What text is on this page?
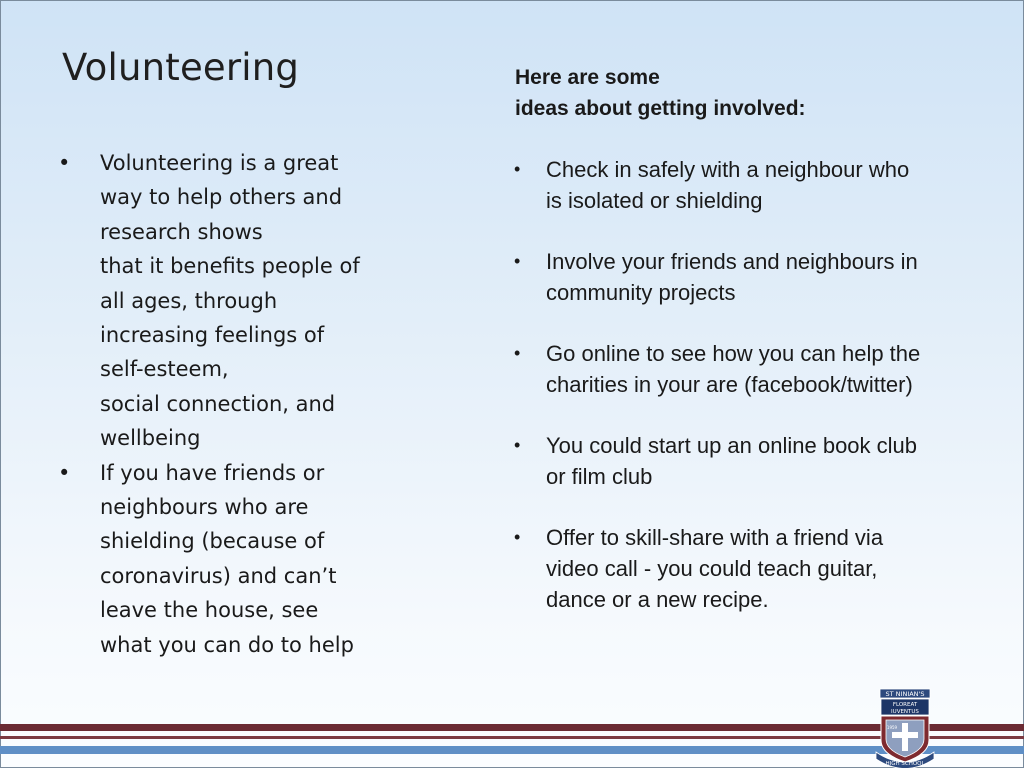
Volunteering
• Volunteering is a great
way to help others and
research shows
that it benefits people of
all ages, through
increasing feelings of
self-esteem,
social connection, and
wellbeing
• If you have friends or
neighbours who are
shielding (because of
coronavirus) and can’t
leave the house, see
what you can do to help
Here are some
ideas about getting involved:
• Check in safely with a neighbour who
is isolated or shielding
• Involve your friends and neighbours in
community projects
• Go online to see how you can help the
charities in your are (facebook/twitter)
• You could start up an online book club
or film club
• Offer to skill-share with a friend via
video call - you could teach guitar,
dance or a new recipe.
ST NINIAN'S
FLOREAT
IUVENTUS
1959
HIGH SCHOOL
